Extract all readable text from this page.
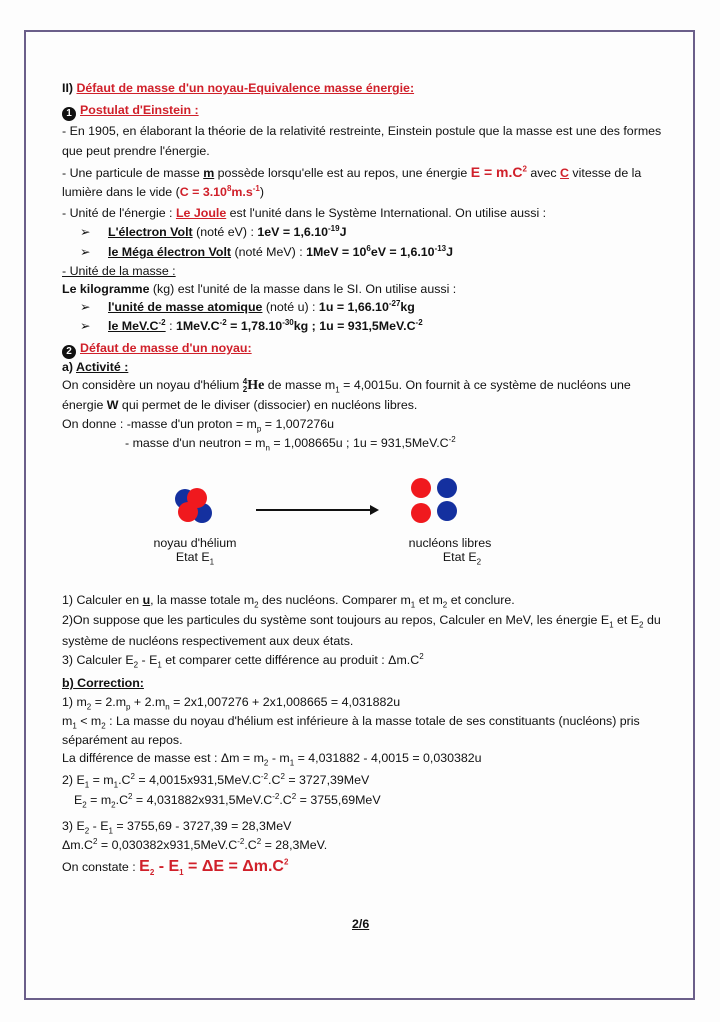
II) Défaut de masse d'un noyau-Equivalence masse énergie:
1 Postulat d'Einstein :
- En 1905, en élaborant la théorie de la relativité restreinte, Einstein postule que la masse est une des formes
que peut prendre l'énergie.
- Une particule de masse m possède lorsqu'elle est au repos, une énergie $E = m.C^2$ avec C vitesse de la
lumière dans le vide $(C = 3.10^8m.s^{-1})$
- Unité de l'énergie : Le Joule est l'unité dans le Système International. On utilise aussi :
➢ L'électron Volt (noté eV) : $1eV = 1,6.10^{-19}J$
➢ le Méga électron Volt (noté MeV) : $1MeV = 10^6eV = 1,6.10^{-13}J$
- Unité de la masse :
Le kilogramme (kg) est l'unité de la masse dans le SI. On utilise aussi :
➢ l'unité de masse atomique (noté u) : $1u = 1,66.10^{-27}kg$
➢ le $MeV.C^{-2}$ : $1MeV.C^{-2} = 1,78.10^{-30}kg$ ; $1u = 931,5MeV.C^{-2}$
2 Défaut de masse d'un noyau:
a) Activité :
On considère un noyau d'hélium 4
2He de masse $m_1 = 4,0015u$. On fournit à ce système de nucléons une
énergie W qui permet de le diviser (dissocier) en nucléons libres.
On donne : -masse d'un proton = $m_p = 1,007276u$
- masse d'un neutron = $m_n = 1,008665u$ ; $1u = 931,5MeV.C^{-2}$
noyau d'hélium
Etat $E_1$
nucléons libres
Etat $E_2$
1) Calculer en u, la masse totale $m_2$ des nucléons. Comparer $m_1$ et $m_2$ et conclure.
2)On suppose que les particules du système sont toujours au repos, Calculer en MeV, les énergie $E_1$ et $E_2$ du
système de nucléons respectivement aux deux états.
3) Calculer $E_2 - E_1$ et comparer cette différence au produit : $\Delta m.C^2$
b) Correction:
1) $m_2 = 2.m_p + 2.m_n = 2x1,007276 + 2x1,008665 = 4,031882u$
$m_1 < m_2$ : La masse du noyau d'hélium est inférieure à la masse totale de ses constituants (nucléons) pris
séparément au repos.
La différence de masse est : $\Delta m = m_2 - m_1 = 4,031882 - 4,0015 = 0,030382u$
2) $E_1 = m_1.C^2 = 4,0015x931,5MeV.C^{-2}.C^2 = 3727,39MeV$
$E_2 = m_2.C^2 = 4,031882x931,5MeV.C^{-2}.C^2 = 3755,69MeV$
3) $E_2 - E_1 = 3755,69 - 3727,39 = 28,3MeV$
$\Delta m.C^2 = 0,030382x931,5MeV.C^{-2}.C^2 = 28,3MeV$.
On constate : $E_2 - E_1 = \Delta E = \Delta m.C^2$
2/6
